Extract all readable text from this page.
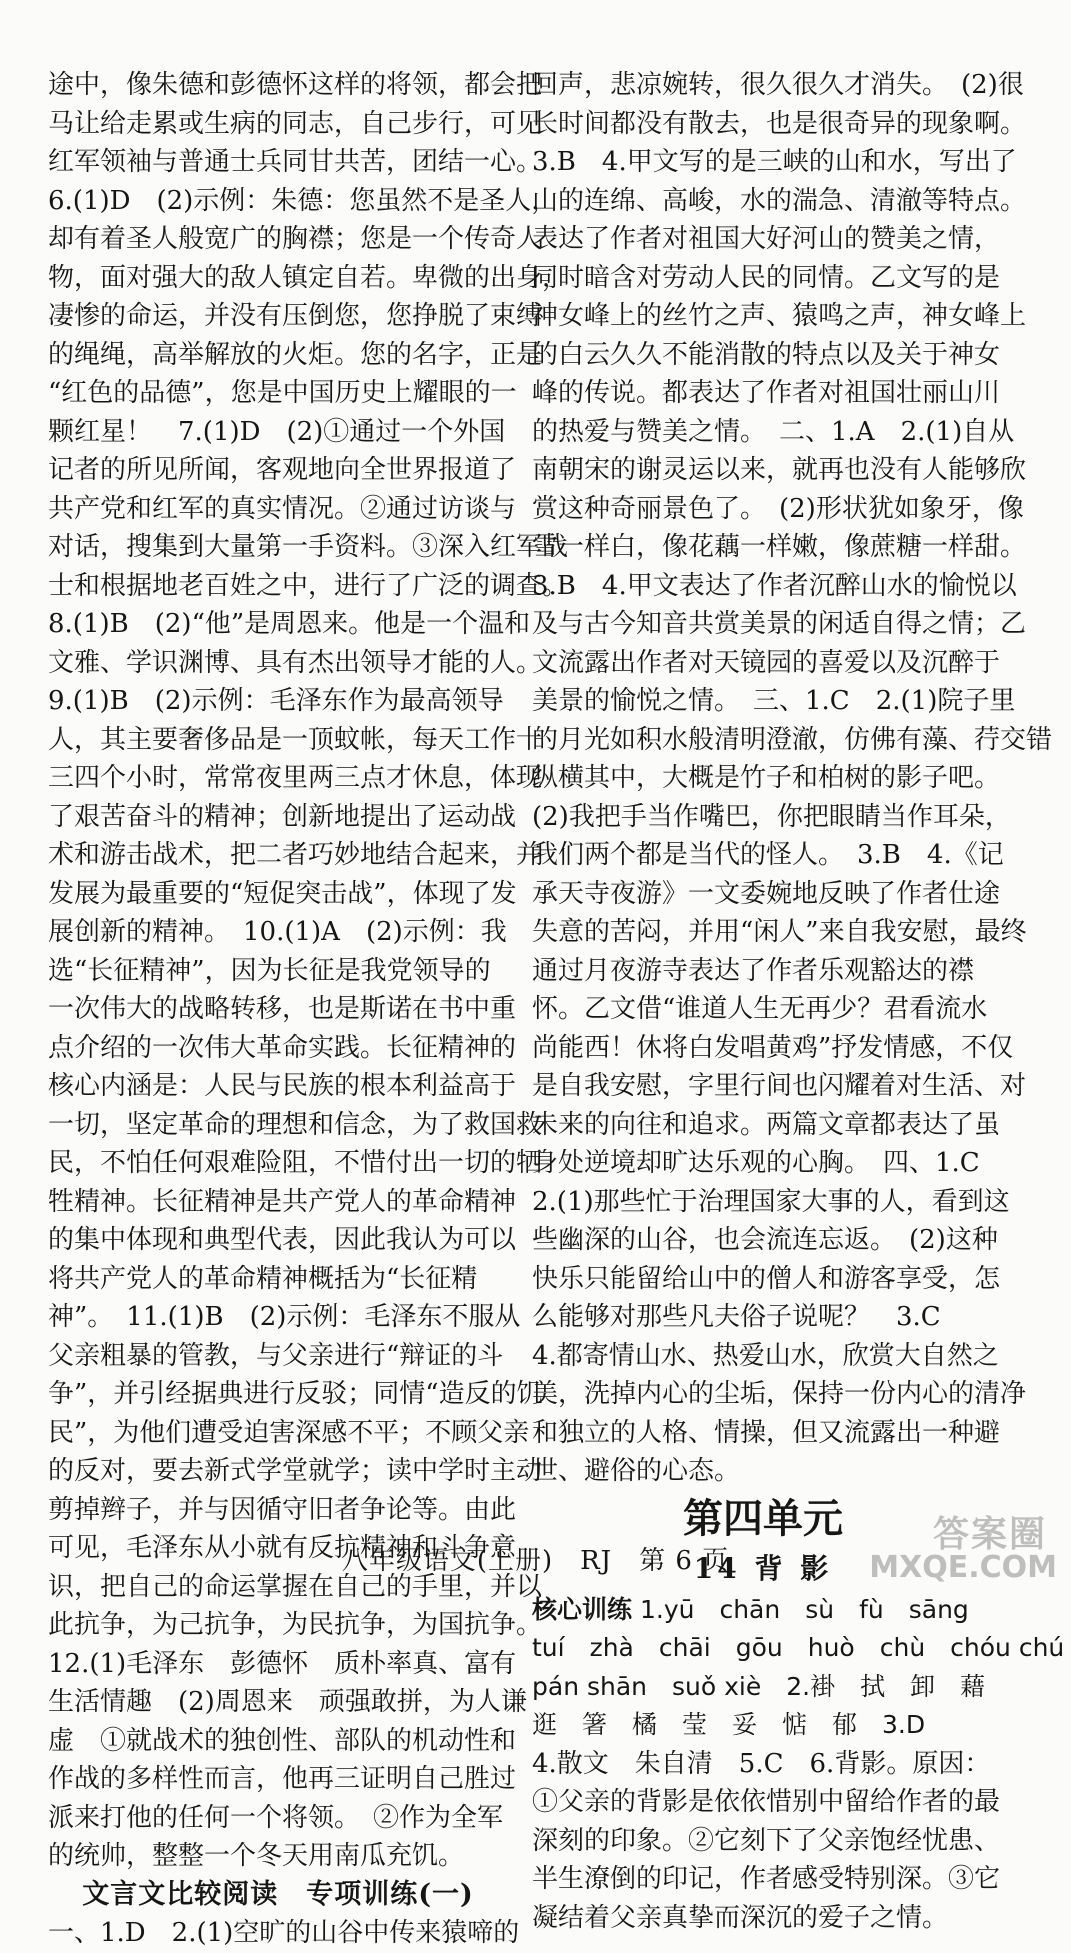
途中，像朱德和彭德怀这样的将领，都会把
马让给走累或生病的同志，自己步行，可见
红军领袖与普通士兵同甘共苦，团结一心。
6.(1)D　(2)示例：朱德：您虽然不是圣人，
却有着圣人般宽广的胸襟；您是一个传奇人
物，面对强大的敌人镇定自若。卑微的出身，
凄惨的命运，并没有压倒您，您挣脱了束缚
的绳绳，高举解放的火炬。您的名字，正是
“红色的品德”，您是中国历史上耀眼的一
颗红星！　7.(1)D　(2)①通过一个外国
记者的所见所闻，客观地向全世界报道了
共产党和红军的真实情况。②通过访谈与
对话，搜集到大量第一手资料。③深入红军战
士和根据地老百姓之中，进行了广泛的调查。
8.(1)B　(2)“他”是周恩来。他是一个温和
文雅、学识渊博、具有杰出领导才能的人。
9.(1)B　(2)示例：毛泽东作为最高领导
人，其主要奢侈品是一顶蚊帐，每天工作十
三四个小时，常常夜里两三点才休息，体现
了艰苦奋斗的精神；创新地提出了运动战
术和游击战术，把二者巧妙地结合起来，并
发展为最重要的“短促突击战”，体现了发
展创新的精神。　10.(1)A　(2)示例：我
选“长征精神”，因为长征是我党领导的
一次伟大的战略转移，也是斯诺在书中重
点介绍的一次伟大革命实践。长征精神的
核心内涵是：人民与民族的根本利益高于
一切，坚定革命的理想和信念，为了救国救
民，不怕任何艰难险阻，不惜付出一切的牺
牲精神。长征精神是共产党人的革命精神
的集中体现和典型代表，因此我认为可以
将共产党人的革命精神概括为“长征精
神”。　11.(1)B　(2)示例：毛泽东不服从
父亲粗暴的管教，与父亲进行“辩证的斗
争”，并引经据典进行反驳；同情“造反的饥
民”，为他们遭受迫害深感不平；不顾父亲
的反对，要去新式学堂就学；读中学时主动
剪掉辫子，并与因循守旧者争论等。由此
可见，毛泽东从小就有反抗精神和斗争意
识，把自己的命运掌握在自己的手里，并以
此抗争，为己抗争，为民抗争，为国抗争。
12.(1)毛泽东　彭德怀　质朴率真、富有
生活情趣　(2)周恩来　顽强敢拼，为人谦
虚　①就战术的独创性、部队的机动性和
作战的多样性而言，他再三证明自己胜过
派来打他的任何一个将领。　②作为全军
的统帅，整整一个冬天用南瓜充饥。
文言文比较阅读　专项训练(一)
一、1.D　2.(1)空旷的山谷中传来猿啼的
回声，悲凉婉转，很久很久才消失。　(2)很
长时间都没有散去，也是很奇异的现象啊。
3.B　4.甲文写的是三峡的山和水，写出了
山的连绵、高峻，水的湍急、清澈等特点。
表达了作者对祖国大好河山的赞美之情，
同时暗含对劳动人民的同情。乙文写的是
神女峰上的丝竹之声、猿鸣之声，神女峰上
的白云久久不能消散的特点以及关于神女
峰的传说。都表达了作者对祖国壮丽山川
的热爱与赞美之情。　二、1.A　2.(1)自从
南朝宋的谢灵运以来，就再也没有人能够欣
赏这种奇丽景色了。　(2)形状犹如象牙，像
雪一样白，像花藕一样嫩，像蔗糖一样甜。
3.B　4.甲文表达了作者沉醉山水的愉悦以
及与古今知音共赏美景的闲适自得之情；乙
文流露出作者对天镜园的喜爱以及沉醉于
美景的愉悦之情。　三、1.C　2.(1)院子里
的月光如积水般清明澄澈，仿佛有藻、荇交错
纵横其中，大概是竹子和柏树的影子吧。
(2)我把手当作嘴巴，你把眼睛当作耳朵，
我们两个都是当代的怪人。　3.B　4.《记
承天寺夜游》一文委婉地反映了作者仕途
失意的苦闷，并用“闲人”来自我安慰，最终
通过月夜游寺表达了作者乐观豁达的襟
怀。乙文借“谁道人生无再少？君看流水
尚能西！休将白发唱黄鸡”抒发情感，不仅
是自我安慰，字里行间也闪耀着对生活、对
未来的向往和追求。两篇文章都表达了虽
身处逆境却旷达乐观的心胸。　四、1.C
2.(1)那些忙于治理国家大事的人，看到这
些幽深的山谷，也会流连忘返。　(2)这种
快乐只能留给山中的僧人和游客享受，怎
么能够对那些凡夫俗子说呢？　3.C
4.都寄情山水、热爱山水，欣赏大自然之
美，洗掉内心的尘垢，保持一份内心的清净
和独立的人格、情操，但又流露出一种避
世、避俗的心态。
第四单元
14 背 影
核心训练 1.yū　chān　sù　fù　sāng
tuí　zhà　chāi　gōu　huò　chù　chóu chú
pán shān　suǒ xiè　2.褂　拭　卸　藉
逛　箸　橘　莹　妥　惦　郁　3.D
4.散文　朱自清　5.C　6.背影。原因：
①父亲的背影是依依惜别中留给作者的最
深刻的印象。②它刻下了父亲饱经忧患、
半生潦倒的印记，作者感受特别深。③它
凝结着父亲真挚而深沉的爱子之情。
八年级语文(上册)　RJ　第 6 页
答案圈
MXQE.COM
